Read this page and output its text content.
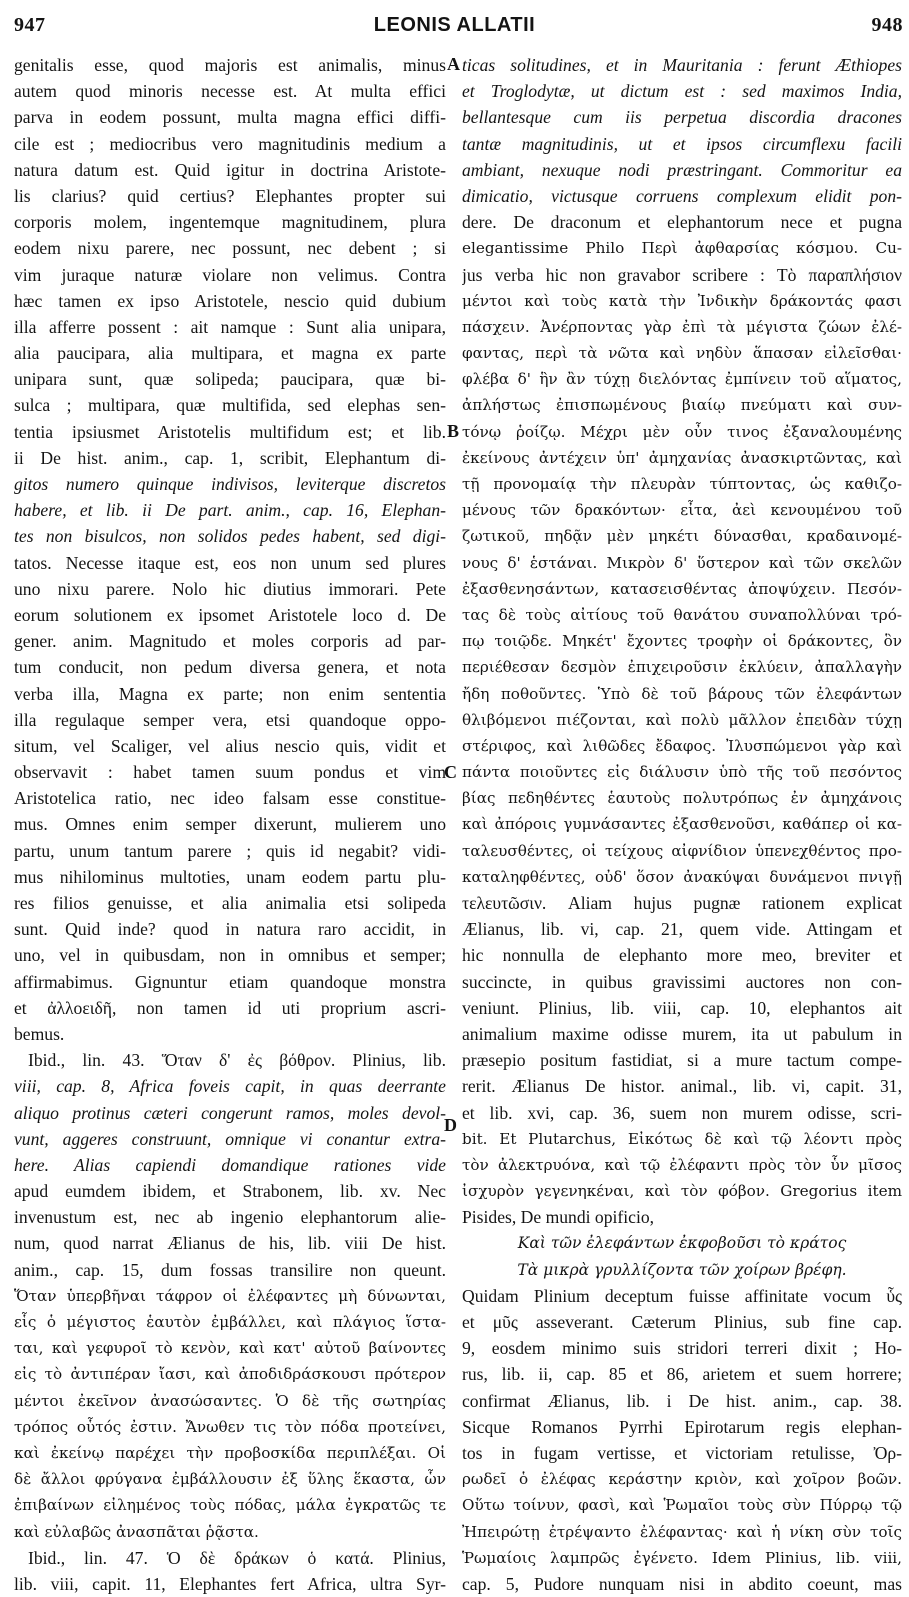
947	LEONIS ALLATII	948
A
B
C
D
genitalis esse, quod majoris est animalis, minus
autem quod minoris necesse est. At multa effici
parva in eodem possunt, multa magna effici diffi-
cile est ; mediocribus vero magnitudinis medium a
natura datum est. Quid igitur in doctrina Aristote-
lis clarius? quid certius? Elephantes propter sui
corporis molem, ingentemque magnitudinem, plura
eodem nixu parere, nec possunt, nec debent ; si
vim juraque naturæ violare non velimus. Contra
hæc tamen ex ipso Aristotele, nescio quid dubium
illa afferre possent : ait namque : Sunt alia unipara,
alia paucipara, alia multipara, et magna ex parte
unipara sunt, quæ solipeda; paucipara, quæ bi-
sulca ; multipara, quæ multifida, sed elephas sen-
tentia ipsiusmet Aristotelis multifidum est; et lib.
ii De hist. anim., cap. 1, scribit, Elephantum di-
gitos numero quinque indivisos, leviterque discretos
habere, et lib. ii De part. anim., cap. 16, Elephan-
tes non bisulcos, non solidos pedes habent, sed digi-
tatos. Necesse itaque est, eos non unum sed plures
uno nixu parere. Nolo hic diutius immorari. Pete
eorum solutionem ex ipsomet Aristotele loco d. De
gener. anim. Magnitudo et moles corporis ad par-
tum conducit, non pedum diversa genera, et nota
verba illa, Magna ex parte; non enim sententia
illa regulaque semper vera, etsi quandoque oppo-
situm, vel Scaliger, vel alius nescio quis, vidit et
observavit : habet tamen suum pondus et vim
Aristotelica ratio, nec ideo falsam esse constitue-
mus. Omnes enim semper dixerunt, mulierem uno
partu, unum tantum parere ; quis id negabit? vidi-
mus nihilominus multoties, unam eodem partu plu-
res filios genuisse, et alia animalia etsi solipeda
sunt. Quid inde? quod in natura raro accidit, in
uno, vel in quibusdam, non in omnibus et semper;
affirmabimus. Gignuntur etiam quandoque monstra
et ἀλλοειδῆ, non tamen id uti proprium ascri-
bemus.
Ibid., lin. 43. Ὅταν δ' ἐς βόθρον. Plinius, lib.
viii, cap. 8, Africa foveis capit, in quas deerrante
aliquo protinus cæteri congerunt ramos, moles devol-
vunt, aggeres construunt, omnique vi conantur extra-
here. Alias capiendi domandique rationes vide
apud eumdem ibidem, et Strabonem, lib. xv. Nec
invenustum est, nec ab ingenio elephantorum alie-
num, quod narrat Ælianus de his, lib. viii De hist.
anim., cap. 15, dum fossas transilire non queunt.
Ὅταν ὑπερβῆναι τάφρον οἱ ἐλέφαντες μὴ δύνωνται,
εἷς ὁ μέγιστος ἑαυτὸν ἐμβάλλει, καὶ πλάγιος ἵστα-
ται, καὶ γεφυροῖ τὸ κενὸν, καὶ κατ' αὐτοῦ βαίνοντες
εἰς τὸ ἀντιπέραν ἴασι, καὶ ἀποδιδράσκουσι πρότερον
μέντοι ἐκεῖνον ἀνασώσαντες. Ὁ δὲ τῆς σωτηρίας
τρόπος οὗτός ἐστιν. Ἄνωθεν τις τὸν πόδα προτείνει,
καὶ ἐκείνῳ παρέχει τὴν προβοσκίδα περιπλέξαι. Οἱ
δὲ ἄλλοι φρύγανα ἐμβάλλουσιν ἐξ ὕλης ἕκαστα, ὧν
ἐπιβαίνων εἰλημένος τοὺς πόδας, μάλα ἐγκρατῶς τε
καὶ εὐλαβῶς ἀνασπᾶται ῥᾷστα.
Ibid., lin. 47. Ὁ δὲ δράκων ὁ κατά. Plinius,
lib. viii, capit. 11, Elephantes fert Africa, ultra Syr-
ticas solitudines, et in Mauritania : ferunt Æthiopes
et Troglodytæ, ut dictum est : sed maximos India,
bellantesque cum iis perpetua discordia dracones
tantæ magnitudinis, ut et ipsos circumflexu facili
ambiant, nexuque nodi præstringant. Commoritur ea
dimicatio, victusque corruens complexum elidit pon-
dere. De draconum et elephantorum nece et pugna
elegantissime Philo Περὶ ἀφθαρσίας κόσμου. Cu-
jus verba hic non gravabor scribere : Τὸ παραπλήσιον
μέντοι καὶ τοὺς κατὰ τὴν Ἰνδικὴν δράκοντάς φασι
πάσχειν. Ἀνέρποντας γὰρ ἐπὶ τὰ μέγιστα ζώων ἐλέ-
φαντας, περὶ τὰ νῶτα καὶ νηδὺν ἅπασαν εἰλεῖσθαι·
φλέβα δ' ἣν ἂν τύχῃ διελόντας ἐμπίνειν τοῦ αἵματος,
ἀπλήστως ἐπισπωμένους βιαίῳ πνεύματι καὶ συν-
τόνῳ ῥοίζῳ. Μέχρι μὲν οὖν τινος ἐξαναλουμένης
ἐκείνους ἀντέχειν ὑπ' ἀμηχανίας ἀνασκιρτῶντας, καὶ
τῇ προνομαίᾳ τὴν πλευρὰν τύπτοντας, ὡς καθιζο-
μένους τῶν δρακόντων· εἶτα, ἀεὶ κενουμένου τοῦ
ζωτικοῦ, πηδᾷν μὲν μηκέτι δύνασθαι, κραδαινομέ-
νους δ' ἑστάναι. Μικρὸν δ' ὕστερον καὶ τῶν σκελῶν
ἐξασθενησάντων, κατασεισθέντας ἀποψύχειν. Πεσόν-
τας δὲ τοὺς αἰτίους τοῦ θανάτου συναπολλύναι τρό-
πῳ τοιῷδε. Μηκέτ' ἔχοντες τροφὴν οἱ δράκοντες, ὃν
περιέθεσαν δεσμὸν ἐπιχειροῦσιν ἐκλύειν, ἀπαλλαγὴν
ἤδη ποθοῦντες. Ὑπὸ δὲ τοῦ βάρους τῶν ἐλεφάντων
θλιβόμενοι πιέζονται, καὶ πολὺ μᾶλλον ἐπειδὰν τύχῃ
στέριφος, καὶ λιθῶδες ἔδαφος. Ἰλυσπώμενοι γὰρ καὶ
πάντα ποιοῦντες εἰς διάλυσιν ὑπὸ τῆς τοῦ πεσόντος
βίας πεδηθέντες ἑαυτοὺς πολυτρόπως ἐν ἀμηχάνοις
καὶ ἀπόροις γυμνάσαντες ἐξασθενοῦσι, καθάπερ οἱ κα-
ταλευσθέντες, οἱ τείχους αἰφνίδιον ὑπενεχθέντος προ-
καταληφθέντες, οὐδ' ὅσον ἀνακύψαι δυνάμενοι πνιγῇ
τελευτῶσιν. Aliam hujus pugnæ rationem explicat
Ælianus, lib. vi, cap. 21, quem vide. Attingam et
hic nonnulla de elephanto more meo, breviter et
succincte, in quibus gravissimi auctores non con-
veniunt. Plinius, lib. viii, cap. 10, elephantos ait
animalium maxime odisse murem, ita ut pabulum in
præsepio positum fastidiat, si a mure tactum compe-
rerit. Ælianus De histor. animal., lib. vi, capit. 31,
et lib. xvi, cap. 36, suem non murem odisse, scri-
bit. Et Plutarchus, Εἰκότως δὲ καὶ τῷ λέοντι πρὸς
τὸν ἀλεκτρυόνα, καὶ τῷ ἐλέφαντι πρὸς τὸν ὗν μῖσος
ἰσχυρὸν γεγενηκέναι, καὶ τὸν φόβον. Gregorius item
Pisides, De mundi opificio,
Καὶ τῶν ἐλεφάντων ἐκφοβοῦσι τὸ κράτος
Τὰ μικρὰ γρυλλίζοντα τῶν χοίρων βρέφη.
Quidam Plinium deceptum fuisse affinitate vocum ὗς
et μῦς asseverant. Cæterum Plinius, sub fine cap.
9, eosdem minimo suis stridori terreri dixit ; Ho-
rus, lib. ii, cap. 85 et 86, arietem et suem horrere;
confirmat Ælianus, lib. i De hist. anim., cap. 38.
Sicque Romanos Pyrrhi Epirotarum regis elephan-
tos in fugam vertisse, et victoriam retulisse, Ὀρ-
ρωδεῖ ὁ ἐλέφας κεράστην κριὸν, καὶ χοῖρον βοῶν.
Οὕτω τοίνυν, φασὶ, καὶ Ῥωμαῖοι τοὺς σὺν Πύρρῳ τῷ
Ἠπειρώτῃ ἐτρέψαντο ἐλέφαντας· καὶ ἡ νίκη σὺν τοῖς
Ῥωμαίοις λαμπρῶς ἐγένετο. Idem Plinius, lib. viii,
cap. 5, Pudore nunquam nisi in abdito coeunt, mas
